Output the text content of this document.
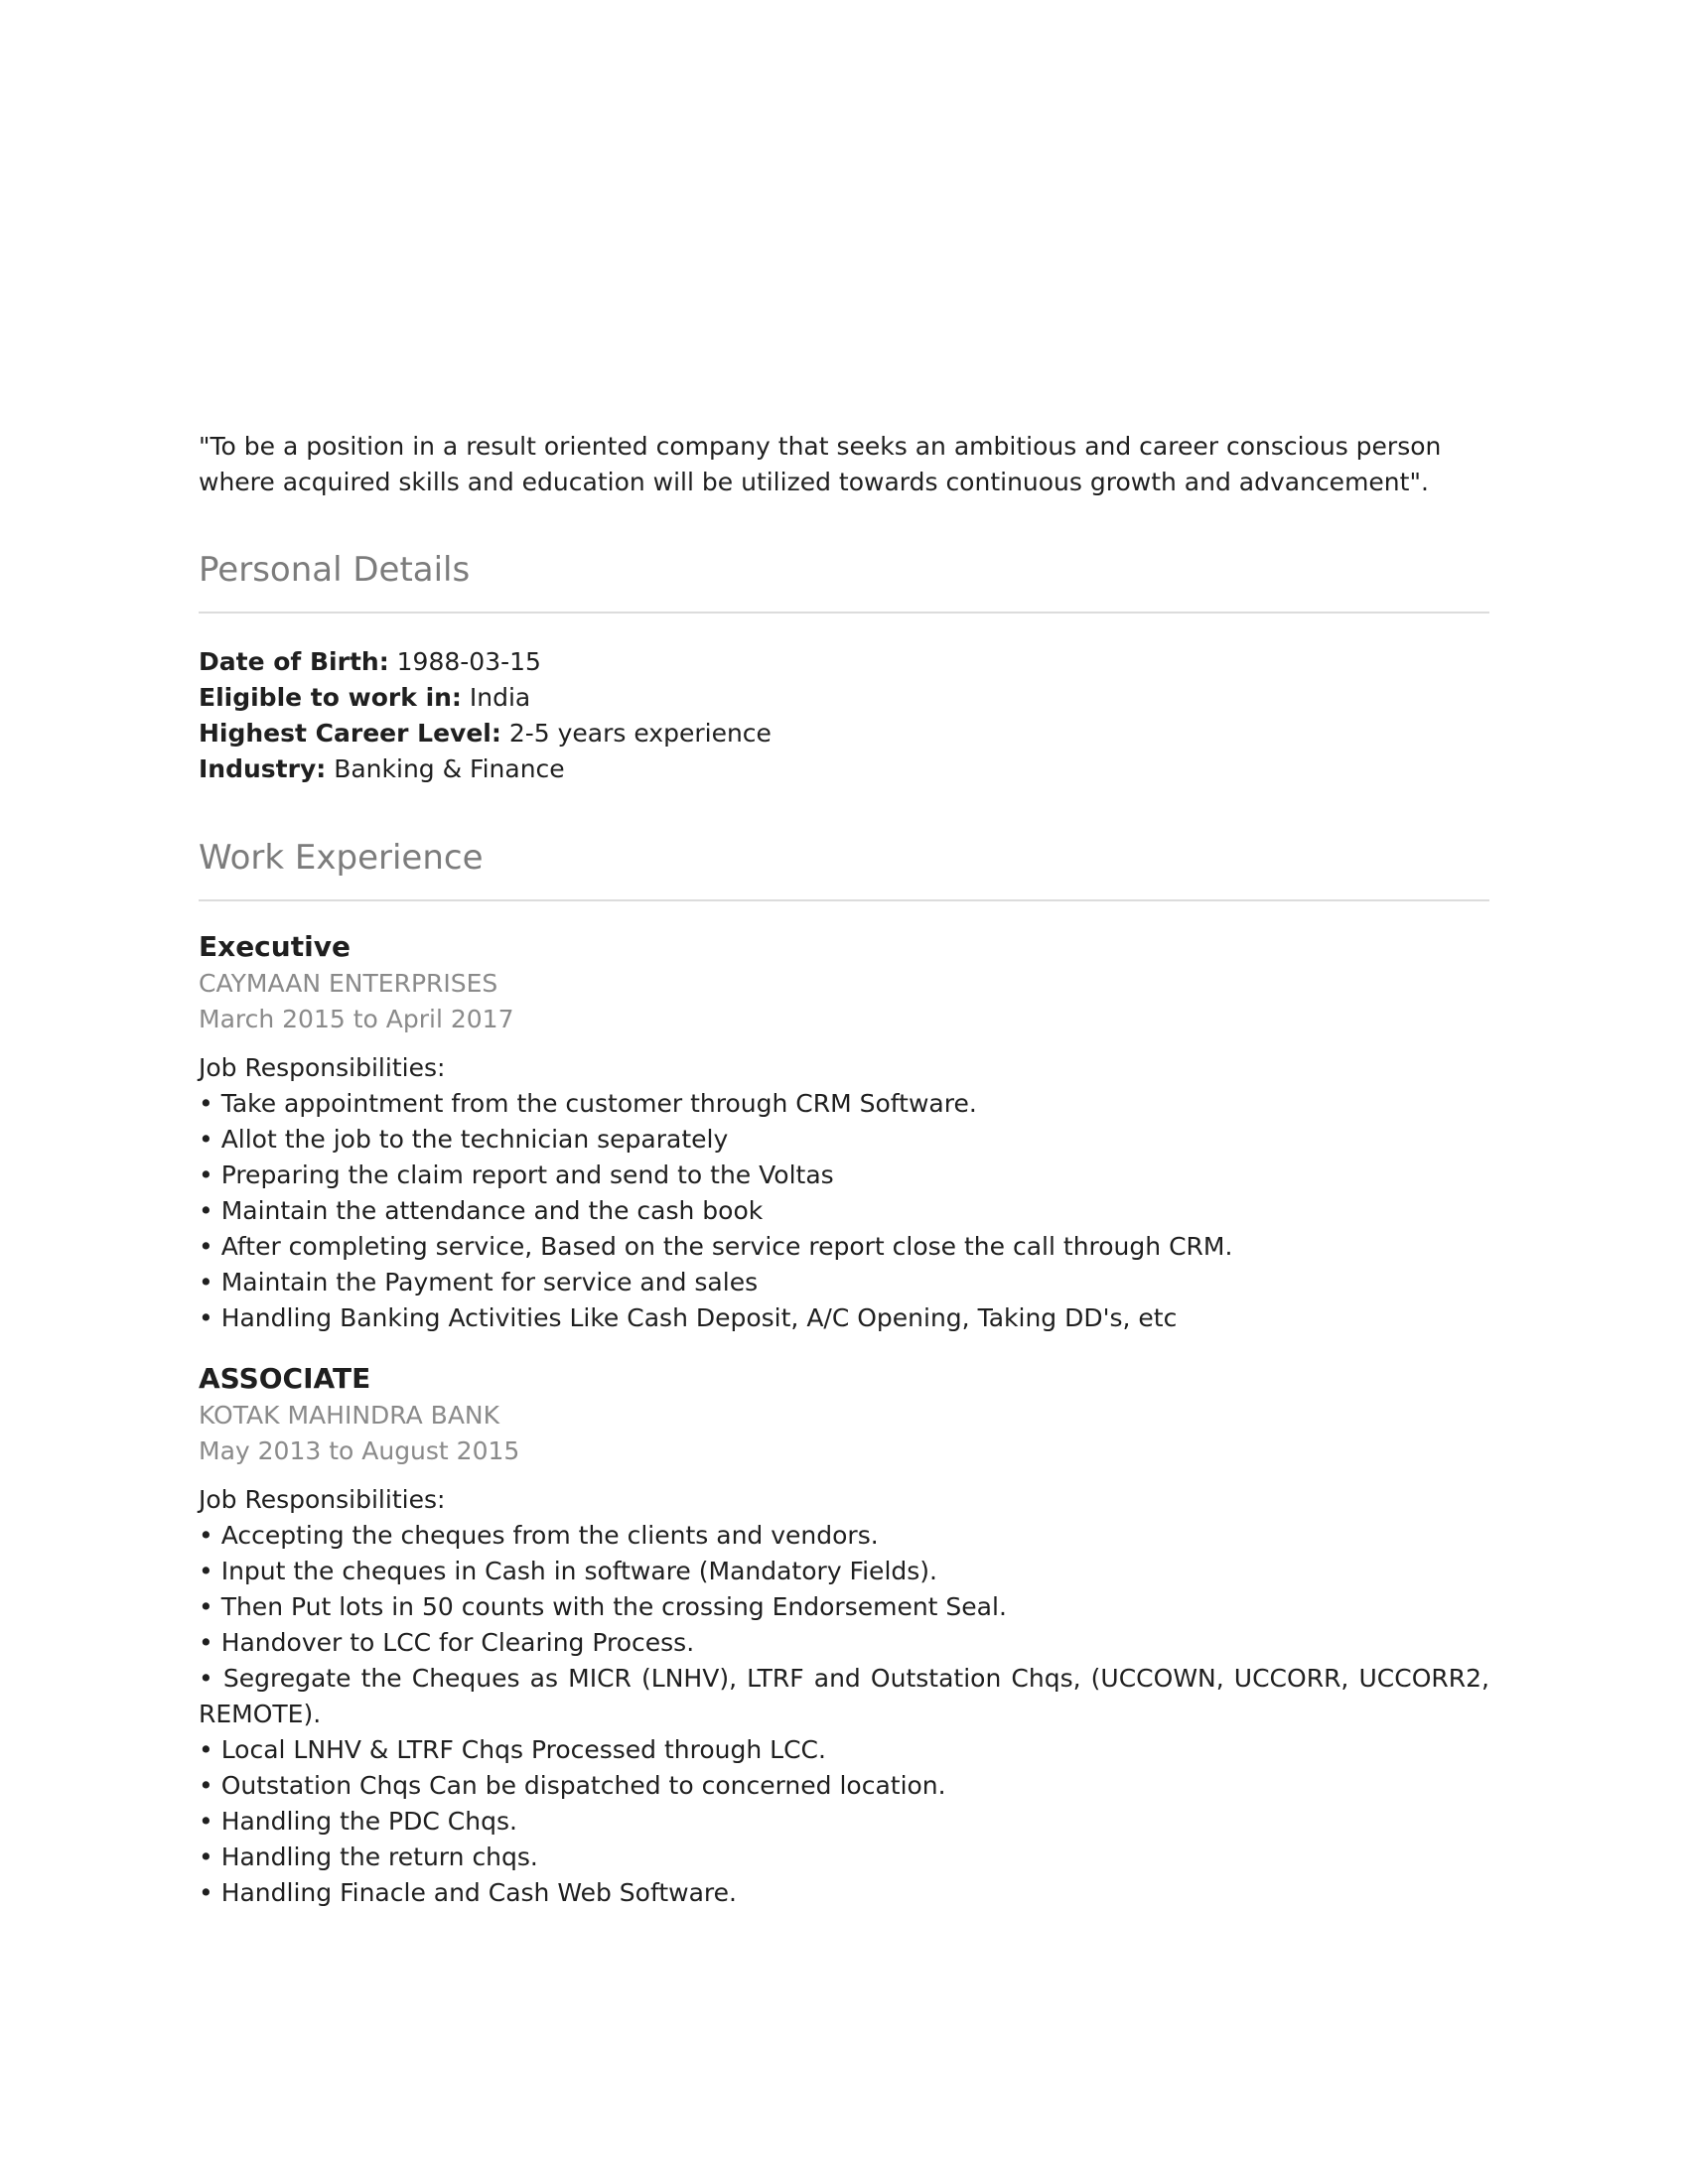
"To be a position in a result oriented company that seeks an ambitious and career conscious person where acquired skills and education will be utilized towards continuous growth and advancement".

Personal Details

Date of Birth: 1988-03-15

Eligible to work in: India

Highest Career Level: 2-5 years experience

Industry: Banking & Finance

Work Experience
Executive

CAYMAAN ENTERPRISES

March 2015 to April 2017

Job Responsibilities:

• Take appointment from the customer through CRM Software.

• Allot the job to the technician separately

• Preparing the claim report and send to the Voltas

• Maintain the attendance and the cash book

• After completing service, Based on the service report close the call through CRM.

• Maintain the Payment for service and sales

• Handling Banking Activities Like Cash Deposit, A/C Opening, Taking DD's, etc

ASSOCIATE

KOTAK MAHINDRA BANK

May 2013 to August 2015

Job Responsibilities:

• Accepting the cheques from the clients and vendors.

• Input the cheques in Cash in software (Mandatory Fields).

• Then Put lots in 50 counts with the crossing Endorsement Seal.

• Handover to LCC for Clearing Process.

• Segregate the Cheques as MICR (LNHV), LTRF and Outstation Chqs, (UCCOWN, UCCORR, UCCORR2, REMOTE).

• Local LNHV & LTRF Chqs Processed through LCC.

• Outstation Chqs Can be dispatched to concerned location.

• Handling the PDC Chqs.

• Handling the return chqs.

• Handling Finacle and Cash Web Software.
